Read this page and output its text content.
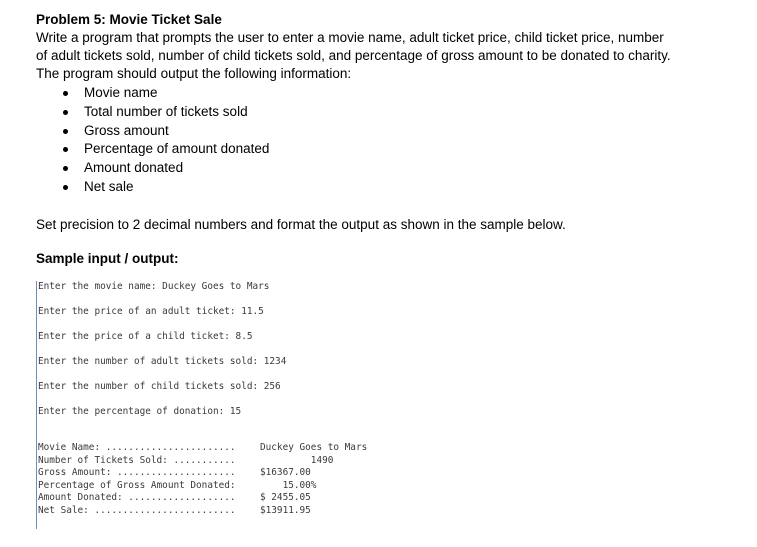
Problem 5: Movie Ticket Sale

Write a program that prompts the user to enter a movie name, adult ticket price, child ticket price, number

of adult tickets sold, number of child tickets sold, and percentage of gross amount to be donated to charity.

The program should output the following information:

Movie name
Total number of tickets sold
Gross amount
Percentage of amount donated
Amount donated
Net sale

Set precision to 2 decimal numbers and format the output as shown in the sample below.

Sample input / output:

Enter the movie name: Duckey Goes to Mars
Enter the price of an adult ticket: 11.5
Enter the price of a child ticket: 8.5
Enter the number of adult tickets sold: 1234
Enter the number of child tickets sold: 256
Enter the percentage of donation: 15
Movie Name: .......................	Duckey Goes to Mars
Number of Tickets Sold: ...........	1490
Gross Amount: .....................	$16367.00
Percentage of Gross Amount Donated:	15.00%
Amount Donated: ...................	$ 2455.05
Net Sale: .........................	$13911.95
